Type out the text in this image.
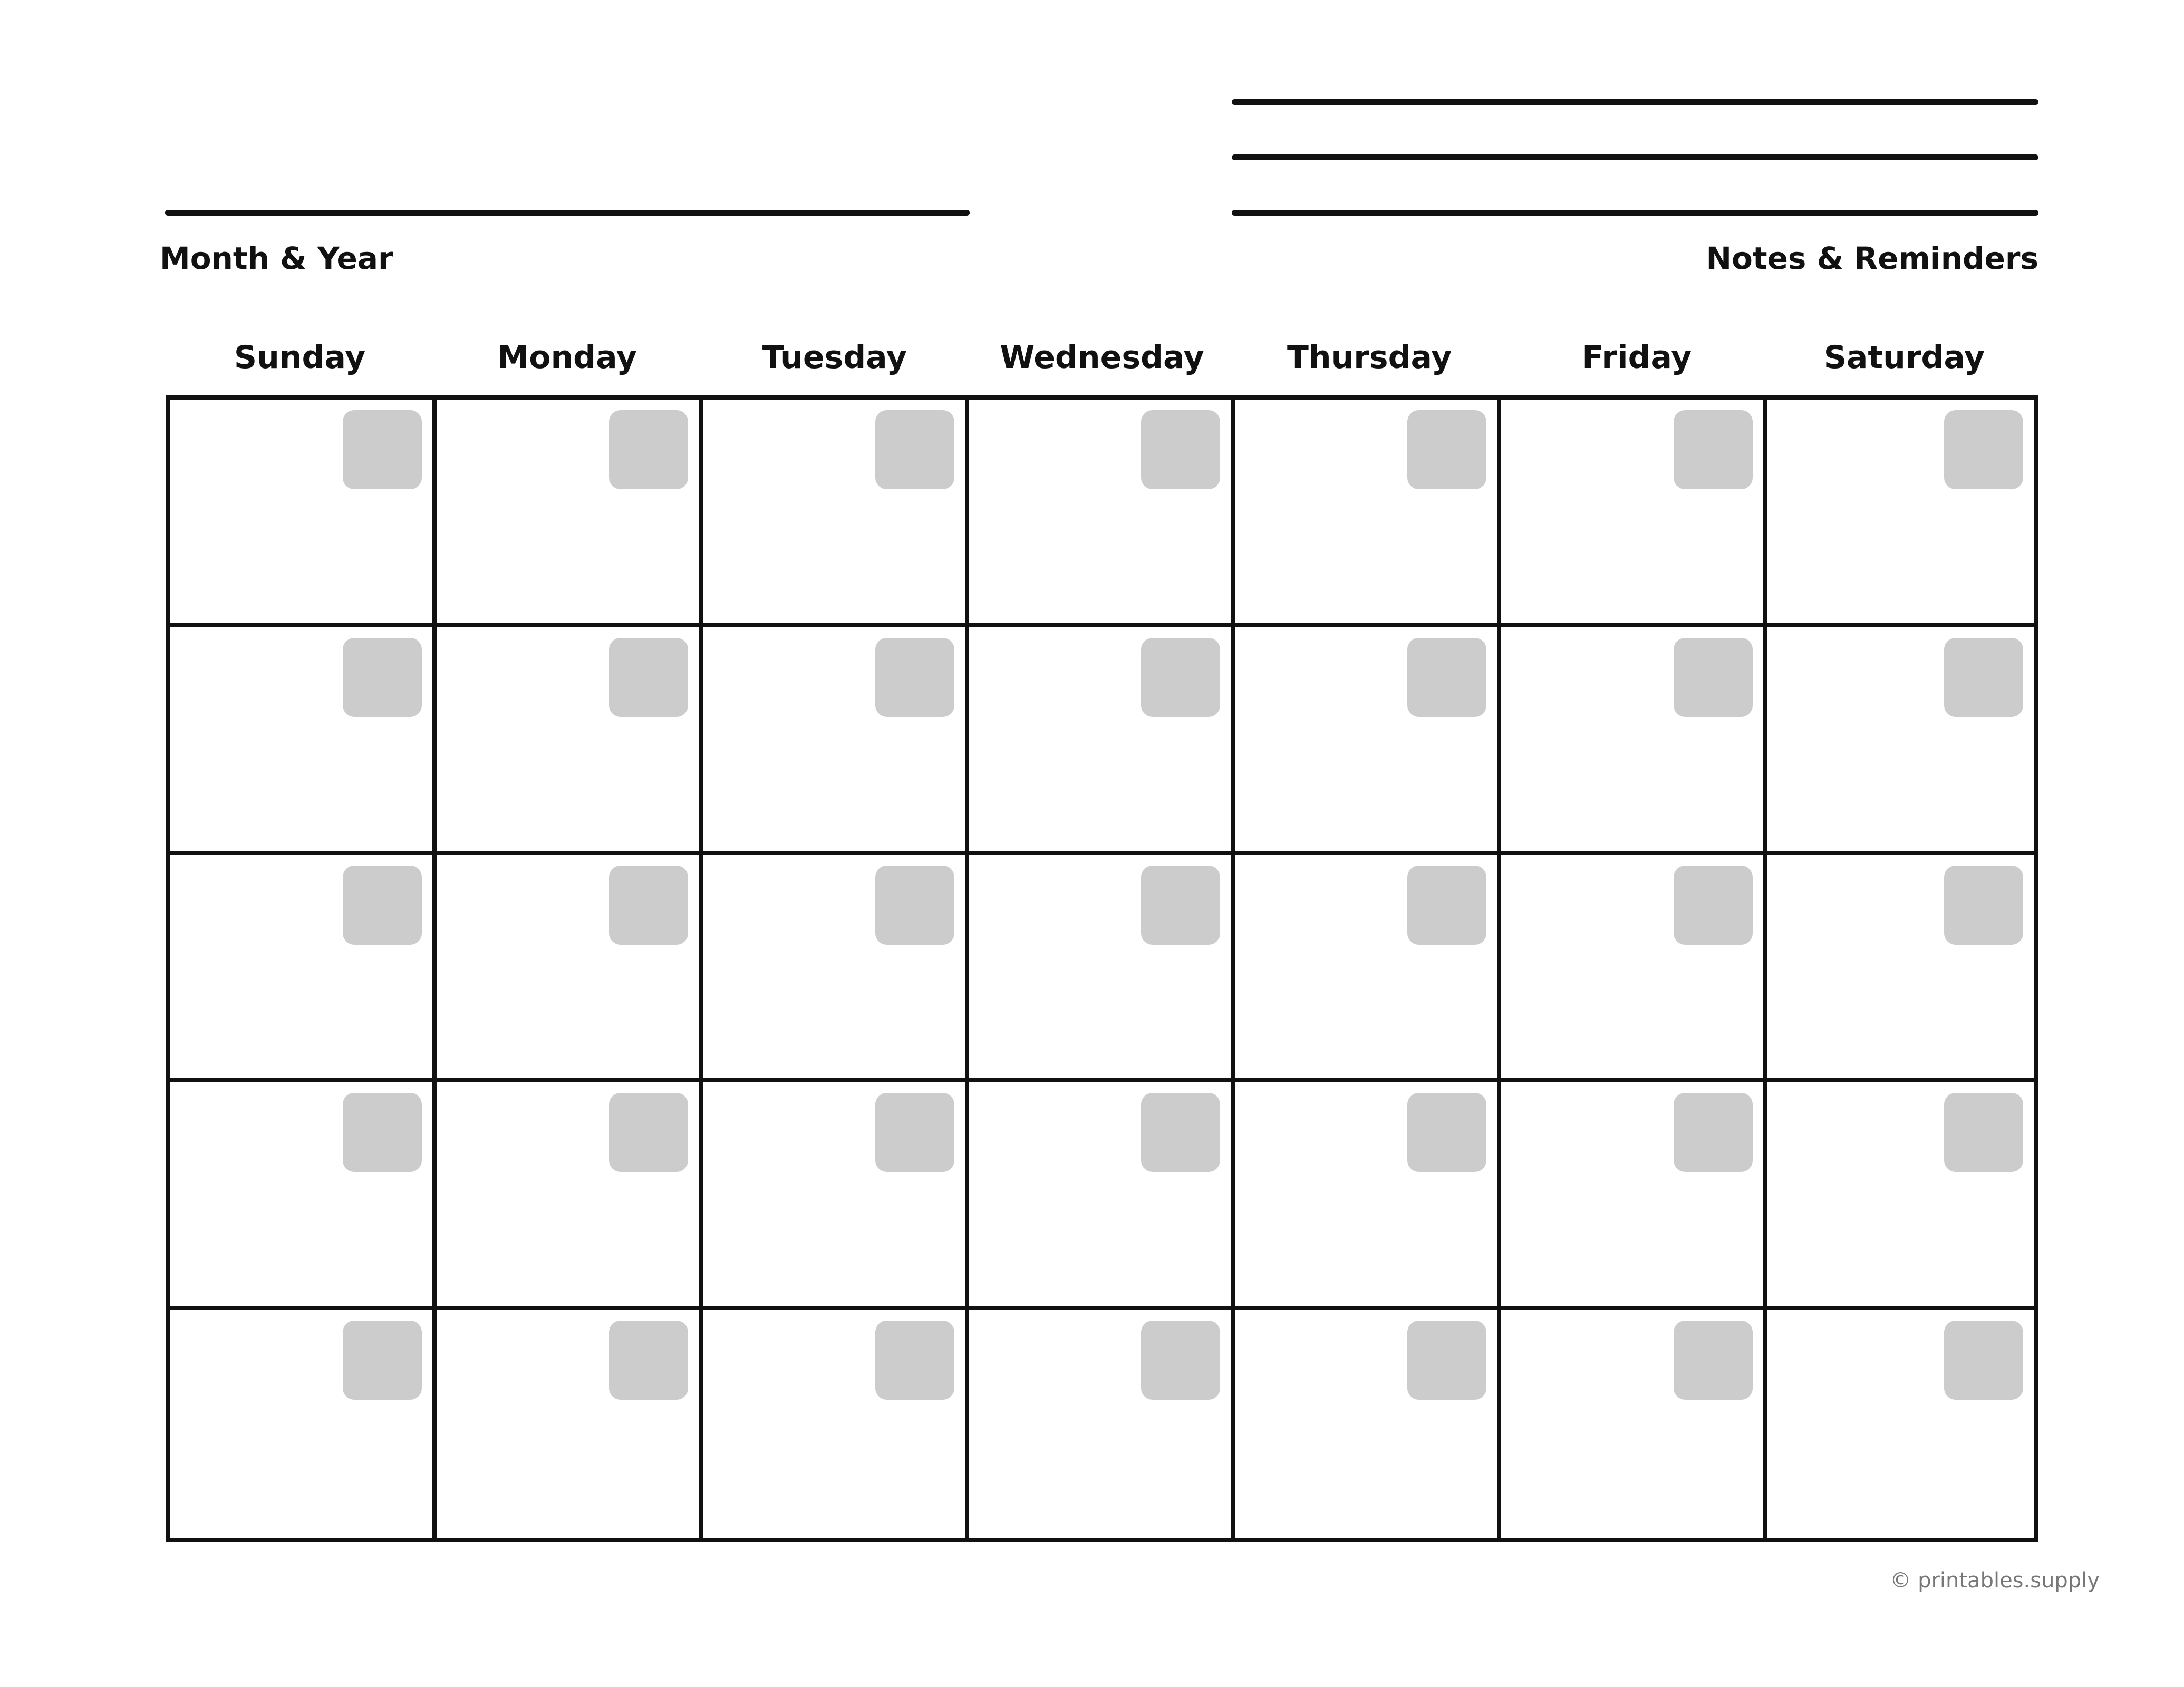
Month & Year	Notes & Reminders
Sunday	Monday	Tuesday	Wednesday	Thursday	Friday	Saturday
© printables.supply
